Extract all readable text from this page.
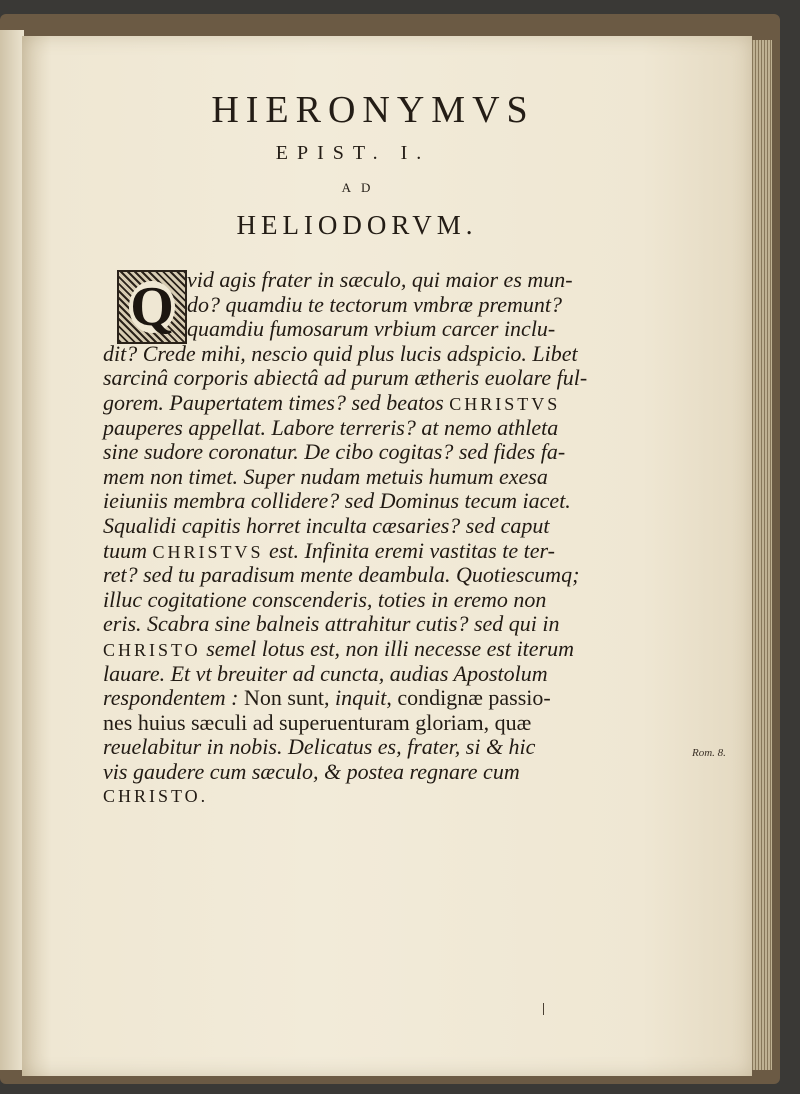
HIERONYMVS
EPIST. I.
AD
HELIODORVM.
Q vid agis frater in sæculo, qui maior es mun-
do? quamdiu te tectorum vmbræ premunt?
quamdiu fumosarum vrbium carcer inclu-
dit? Crede mihi, nescio quid plus lucis adspicio. Libet
sarcinâ corporis abiectâ ad purum ætheris euolare ful-
gorem. Paupertatem times? sed beatos CHRISTVS
pauperes appellat. Labore terreris? at nemo athleta
sine sudore coronatur. De cibo cogitas? sed fides fa-
mem non timet. Super nudam metuis humum exesa
ieiuniis membra collidere? sed Dominus tecum iacet.
Squalidi capitis horret inculta cæsaries? sed caput
tuum CHRISTVS est. Infinita eremi vastitas te ter-
ret? sed tu paradisum mente deambula. Quotiescumq;
illuc cogitatione conscenderis, toties in eremo non
eris. Scabra sine balneis attrahitur cutis? sed qui in
CHRISTO semel lotus est, non illi necesse est iterum
lauare. Et vt breuiter ad cuncta, audias Apostolum
respondentem : Non sunt, inquit, condignæ passio-
nes huius sæculi ad superuenturam gloriam, quæ
reuelabitur in nobis. Delicatus es, frater, si & hic
vis gaudere cum sæculo, & postea regnare cum
CHRISTO.
Rom. 8.
